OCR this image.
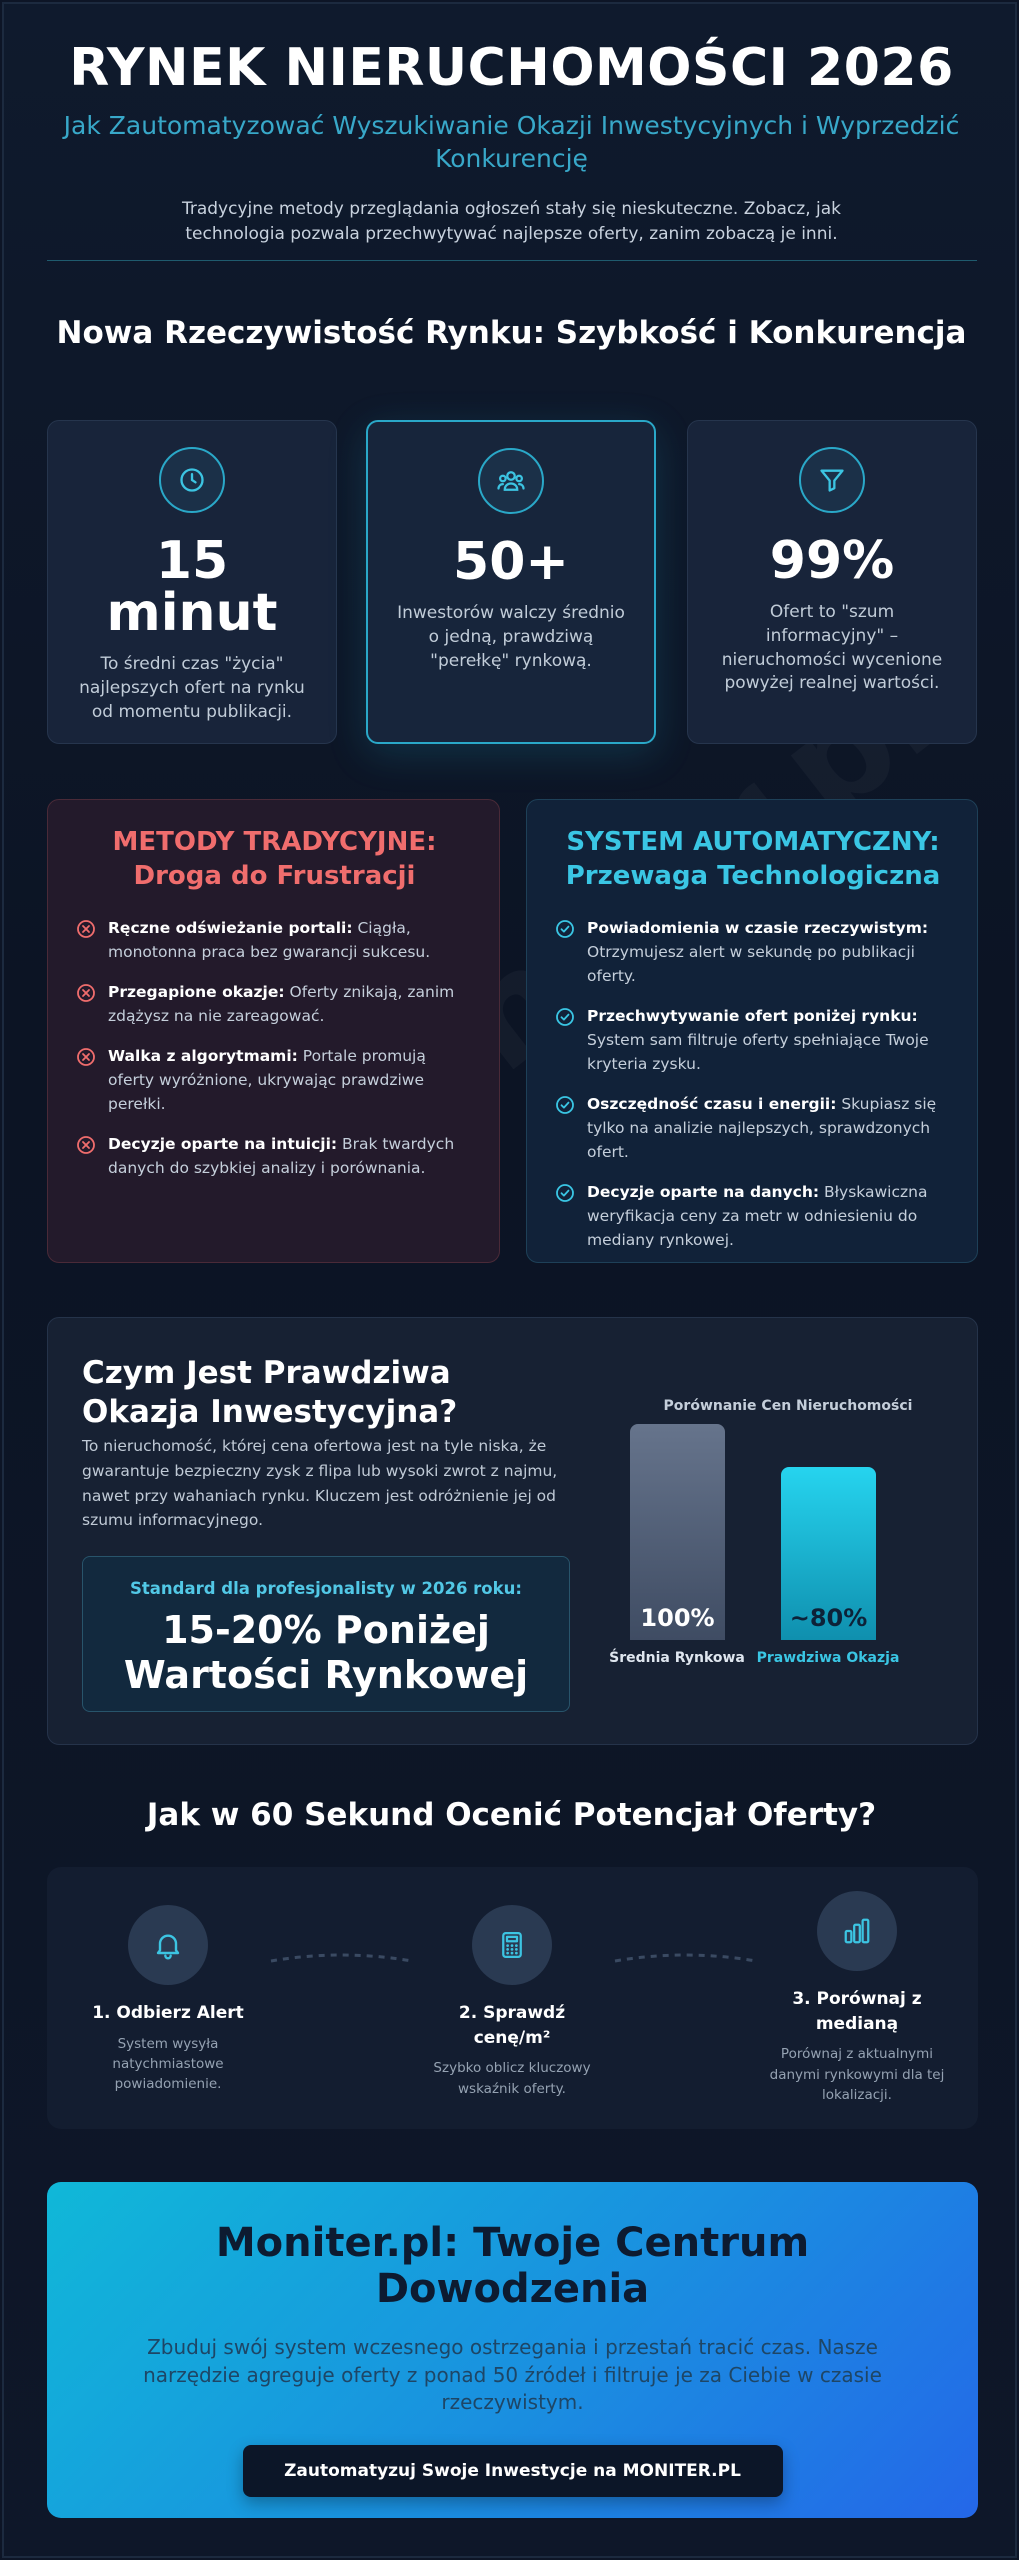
RYNEK NIERUCHOMOŚCI 2026
Jak Zautomatyzować Wyszukiwanie Okazji Inwestycyjnych i Wyprzedzić Konkurencję

Tradycyjne metody przeglądania ogłoszeń stały się nieskuteczne. Zobacz, jak technologia pozwala przechwytywać najlepsze oferty, zanim zobaczą je inni.

Nowa Rzeczywistość Rynku: Szybkość i Konkurencja
15 minut

To średni czas "życia" najlepszych ofert na rynku od momentu publikacji.

50+

Inwestorów walczy średnio o jedną, prawdziwą "perełkę" rynkową.

99%

Ofert to "szum informacyjny" – nieruchomości wycenione powyżej realnej wartości.

METODY TRADYCYJNE: Droga do Frustracji
Ręczne odświeżanie portali: Ciągła, monotonna praca bez gwarancji sukcesu.
Przegapione okazje: Oferty znikają, zanim zdążysz na nie zareagować.
Walka z algorytmami: Portale promują oferty wyróżnione, ukrywając prawdziwe perełki.
Decyzje oparte na intuicji: Brak twardych danych do szybkiej analizy i porównania.
SYSTEM AUTOMATYCZNY: Przewaga Technologiczna
Powiadomienia w czasie rzeczywistym: Otrzymujesz alert w sekundę po publikacji oferty.
Przechwytywanie ofert poniżej rynku: System sam filtruje oferty spełniające Twoje kryteria zysku.
Oszczędność czasu i energii: Skupiasz się tylko na analizie najlepszych, sprawdzonych ofert.
Decyzje oparte na danych: Błyskawiczna weryfikacja ceny za metr w odniesieniu do mediany rynkowej.
Czym Jest Prawdziwa Okazja Inwestycyjna?

To nieruchomość, której cena ofertowa jest na tyle niska, że gwarantuje bezpieczny zysk z flipa lub wysoki zwrot z najmu, nawet przy wahaniach rynku. Kluczem jest odróżnienie jej od szumu informacyjnego.

Standard dla profesjonalisty w 2026 roku:
15-20% Poniżej Wartości Rynkowej
Porównanie Cen Nieruchomości
100%
Średnia Rynkowa
~80%
Prawdziwa Okazja
Jak w 60 Sekund Ocenić Potencjał Oferty?
1. Odbierz Alert

System wysyła natychmiastowe powiadomienie.

2. Sprawdź cenę/m²

Szybko oblicz kluczowy wskaźnik oferty.

3. Porównaj z medianą

Porównaj z aktualnymi danymi rynkowymi dla tej lokalizacji.

Moniter.pl: Twoje Centrum Dowodzenia

Zbuduj swój system wczesnego ostrzegania i przestań tracić czas. Nasze narzędzie agreguje oferty z ponad 50 źródeł i filtruje je za Ciebie w czasie rzeczywistym.

Zautomatyzuj Swoje Inwestycje na MONITER.PL
